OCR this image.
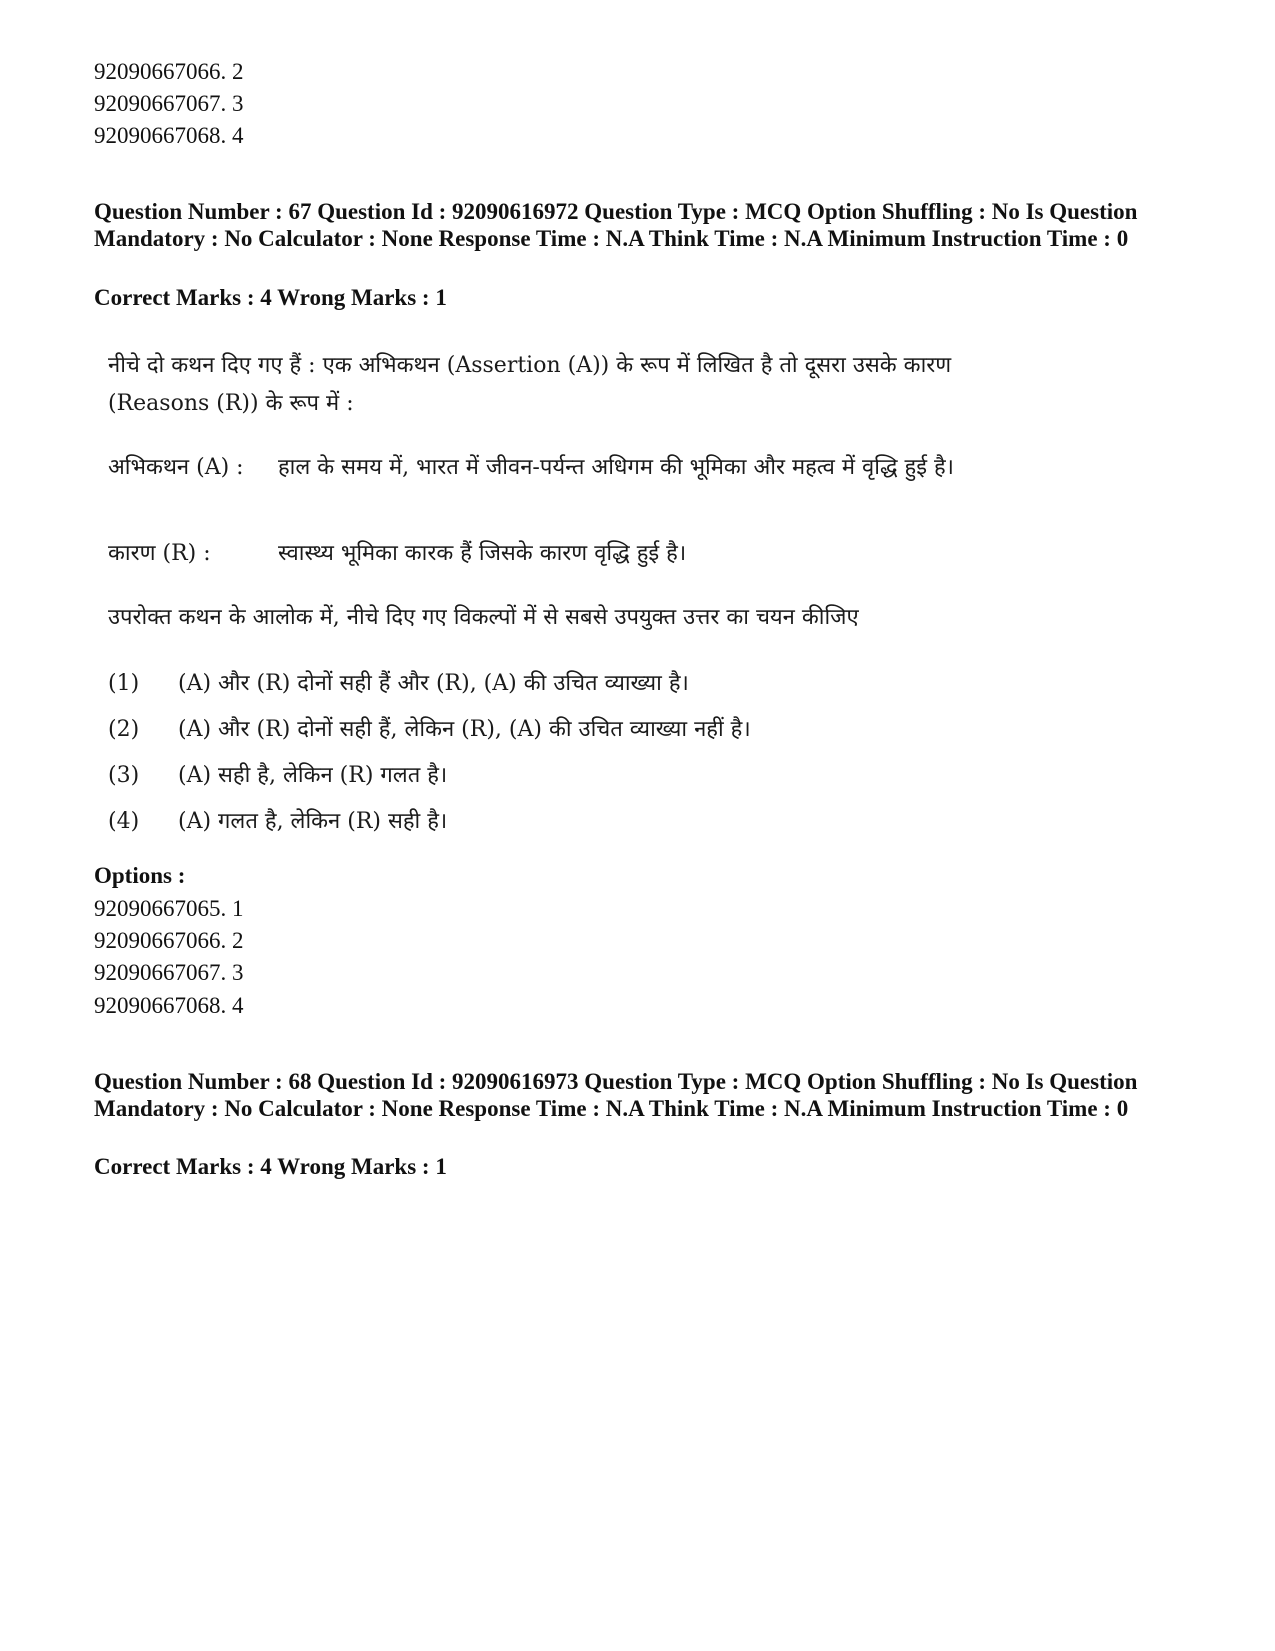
92090667066. 2
92090667067. 3
92090667068. 4
Question Number : 67 Question Id : 92090616972 Question Type : MCQ Option Shuffling : No Is Question Mandatory : No Calculator : None Response Time : N.A Think Time : N.A Minimum Instruction Time : 0
Correct Marks : 4 Wrong Marks : 1
नीचे दो कथन दिए गए हैं : एक अभिकथन (Assertion (A)) के रूप में लिखित है तो दूसरा उसके कारण
(Reasons (R)) के रूप में :
अभिकथन (A) : हाल के समय में, भारत में जीवन-पर्यन्त अधिगम की भूमिका और महत्व में वृद्धि हुई है।
कारण (R) :	स्वास्थ्य भूमिका कारक हैं जिसके कारण वृद्धि हुई है।
उपरोक्त कथन के आलोक में, नीचे दिए गए विकल्पों में से सबसे उपयुक्त उत्तर का चयन कीजिए
(1) (A) और (R) दोनों सही हैं और (R), (A) की उचित व्याख्या है।
(2) (A) और (R) दोनों सही हैं, लेकिन (R), (A) की उचित व्याख्या नहीं है।
(3) (A) सही है, लेकिन (R) गलत है।
(4) (A) गलत है, लेकिन (R) सही है।
Options :
92090667065. 1
92090667066. 2
92090667067. 3
92090667068. 4
Question Number : 68 Question Id : 92090616973 Question Type : MCQ Option Shuffling : No Is Question Mandatory : No Calculator : None Response Time : N.A Think Time : N.A Minimum Instruction Time : 0
Correct Marks : 4 Wrong Marks : 1
